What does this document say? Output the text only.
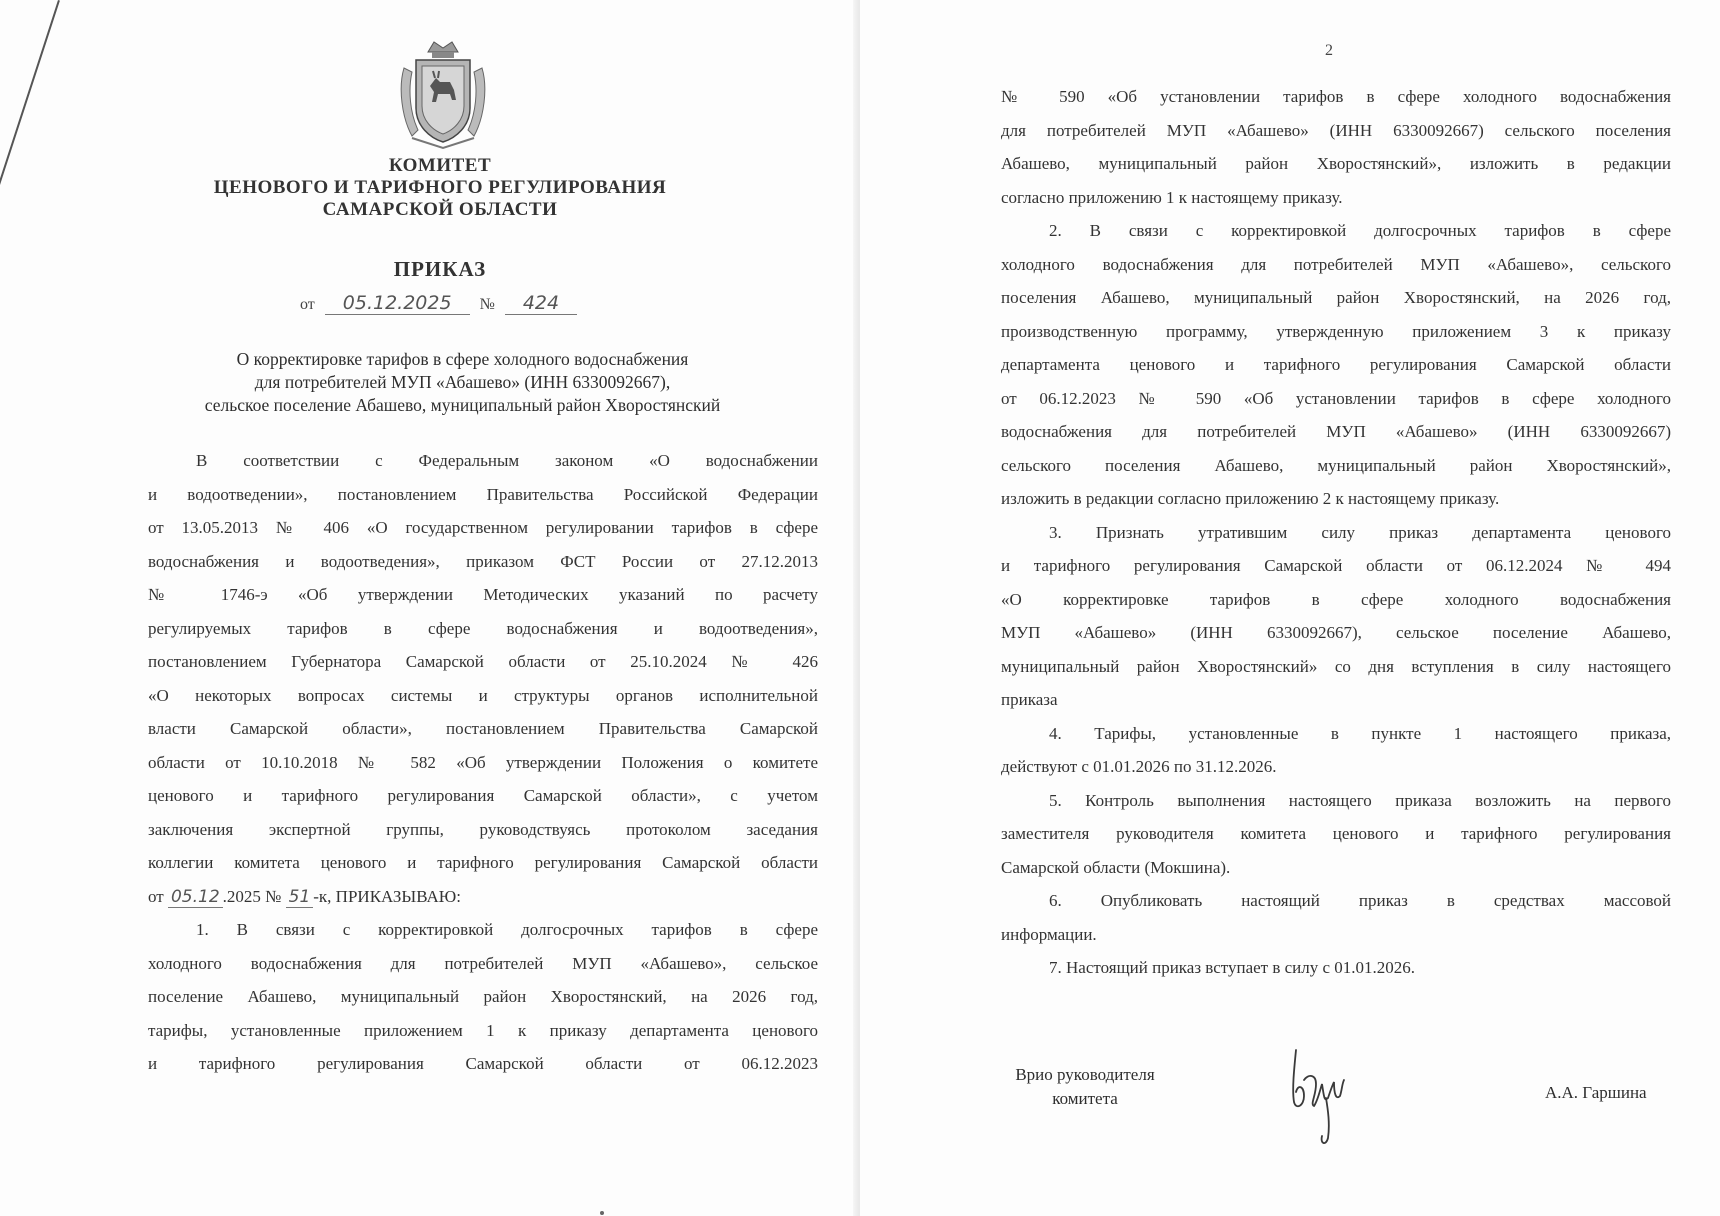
КОМИТЕТ
ЦЕНОВОГО И ТАРИФНОГО РЕГУЛИРОВАНИЯ
САМАРСКОЙ ОБЛАСТИ
ПРИКАЗ
от 05.12.2025 № 424
О корректировке тарифов в сфере холодного водоснабжения
для потребителей МУП «Абашево» (ИНН 6330092667),
сельское поселение Абашево, муниципальный район Хворостянский
В соответствии с Федеральным законом «О водоснабжении
и водоотведении», постановлением Правительства Российской Федерации
от 13.05.2013 № 406 «О государственном регулировании тарифов в сфере
водоснабжения и водоотведения», приказом ФСТ России от 27.12.2013
№ 1746-э «Об утверждении Методических указаний по расчету
регулируемых тарифов в сфере водоснабжения и водоотведения»,
постановлением Губернатора Самарской области от 25.10.2024 № 426
«О некоторых вопросах системы и структуры органов исполнительной
власти Самарской области», постановлением Правительства Самарской
области от 10.10.2018 № 582 «Об утверждении Положения о комитете
ценового и тарифного регулирования Самарской области», с учетом
заключения экспертной группы, руководствуясь протоколом заседания
коллегии комитета ценового и тарифного регулирования Самарской области
от 05.12 .2025 № 51 -к, ПРИКАЗЫВАЮ:
1. В связи с корректировкой долгосрочных тарифов в сфере
холодного водоснабжения для потребителей МУП «Абашево», сельское
поселение Абашево, муниципальный район Хворостянский, на 2026 год,
тарифы, установленные приложением 1 к приказу департамента ценового
и тарифного регулирования Самарской области от 06.12.2023
2
№ 590 «Об установлении тарифов в сфере холодного водоснабжения
для потребителей МУП «Абашево» (ИНН 6330092667) сельского поселения
Абашево, муниципальный район Хворостянский», изложить в редакции
согласно приложению 1 к настоящему приказу.
2. В связи с корректировкой долгосрочных тарифов в сфере
холодного водоснабжения для потребителей МУП «Абашево», сельского
поселения Абашево, муниципальный район Хворостянский, на 2026 год,
производственную программу, утвержденную приложением 3 к приказу
департамента ценового и тарифного регулирования Самарской области
от 06.12.2023 № 590 «Об установлении тарифов в сфере холодного
водоснабжения для потребителей МУП «Абашево» (ИНН 6330092667)
сельского поселения Абашево, муниципальный район Хворостянский»,
изложить в редакции согласно приложению 2 к настоящему приказу.
3. Признать утратившим силу приказ департамента ценового
и тарифного регулирования Самарской области от 06.12.2024 № 494
«О корректировке тарифов в сфере холодного водоснабжения
МУП «Абашево» (ИНН 6330092667), сельское поселение Абашево,
муниципальный район Хворостянский» со дня вступления в силу настоящего
приказа
4. Тарифы, установленные в пункте 1 настоящего приказа,
действуют с 01.01.2026 по 31.12.2026.
5. Контроль выполнения настоящего приказа возложить на первого
заместителя руководителя комитета ценового и тарифного регулирования
Самарской области (Мокшина).
6. Опубликовать настоящий приказ в средствах массовой
информации.
7. Настоящий приказ вступает в силу с 01.01.2026.
Врио руководителя
комитета	А.А. Гаршина
